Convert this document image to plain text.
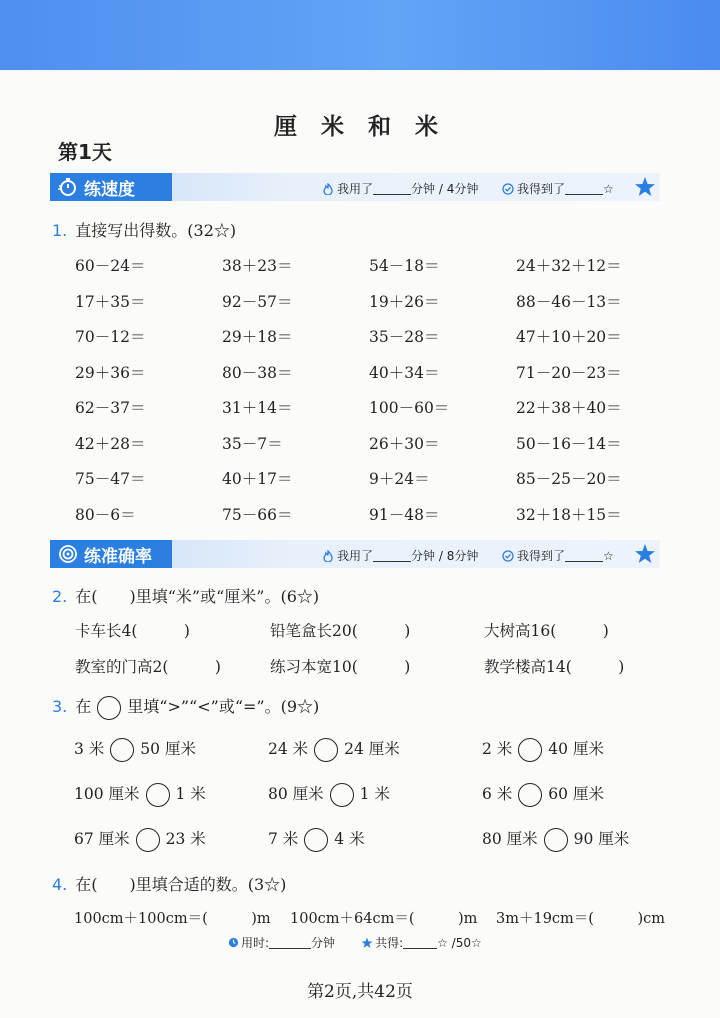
厘 米 和 米
第1天
练速度	我用了	分钟 / 4分钟	我得到了	☆
1. 直接写出得数。(32☆)
60－24＝	38＋23＝	54－18＝	24＋32＋12＝
17＋35＝	92－57＝	19＋26＝	88－46－13＝
70－12＝	29＋18＝	35－28＝	47＋10＋20＝
29＋36＝	80－38＝	40＋34＝	71－20－23＝
62－37＝	31＋14＝	100－60＝	22＋38＋40＝
42＋28＝	35－7＝	26＋30＝	50－16－14＝
75－47＝	40＋17＝	9＋24＝	85－25－20＝
80－6＝	75－66＝	91－48＝	32＋18＋15＝
练准确率	我用了	分钟 / 8分钟	我得到了	☆
2. 在(　　)里填“米”或“厘米”。(6☆)
卡车长4(　　　)	铅笔盒长20(　　　)	大树高16(　　　)
教室的门高2(　　　)	练习本宽10(　　　)	教学楼高14(　　　)
3. 在 里填“>”“<”或“=”。(9☆)
3 米 50 厘米	24 米 24 厘米	2 米 40 厘米
100 厘米 1 米	80 厘米 1 米	6 米 60 厘米
67 厘米 23 米	7 米 4 米	80 厘米 90 厘米
4. 在(　　)里填合适的数。(3☆)
100cm＋100cm＝(　　　)m 100cm＋64cm＝(　　　)m 3m＋19cm＝(　　　)cm
用时:	分钟	共得:	☆ /50☆
第2页,共42页
